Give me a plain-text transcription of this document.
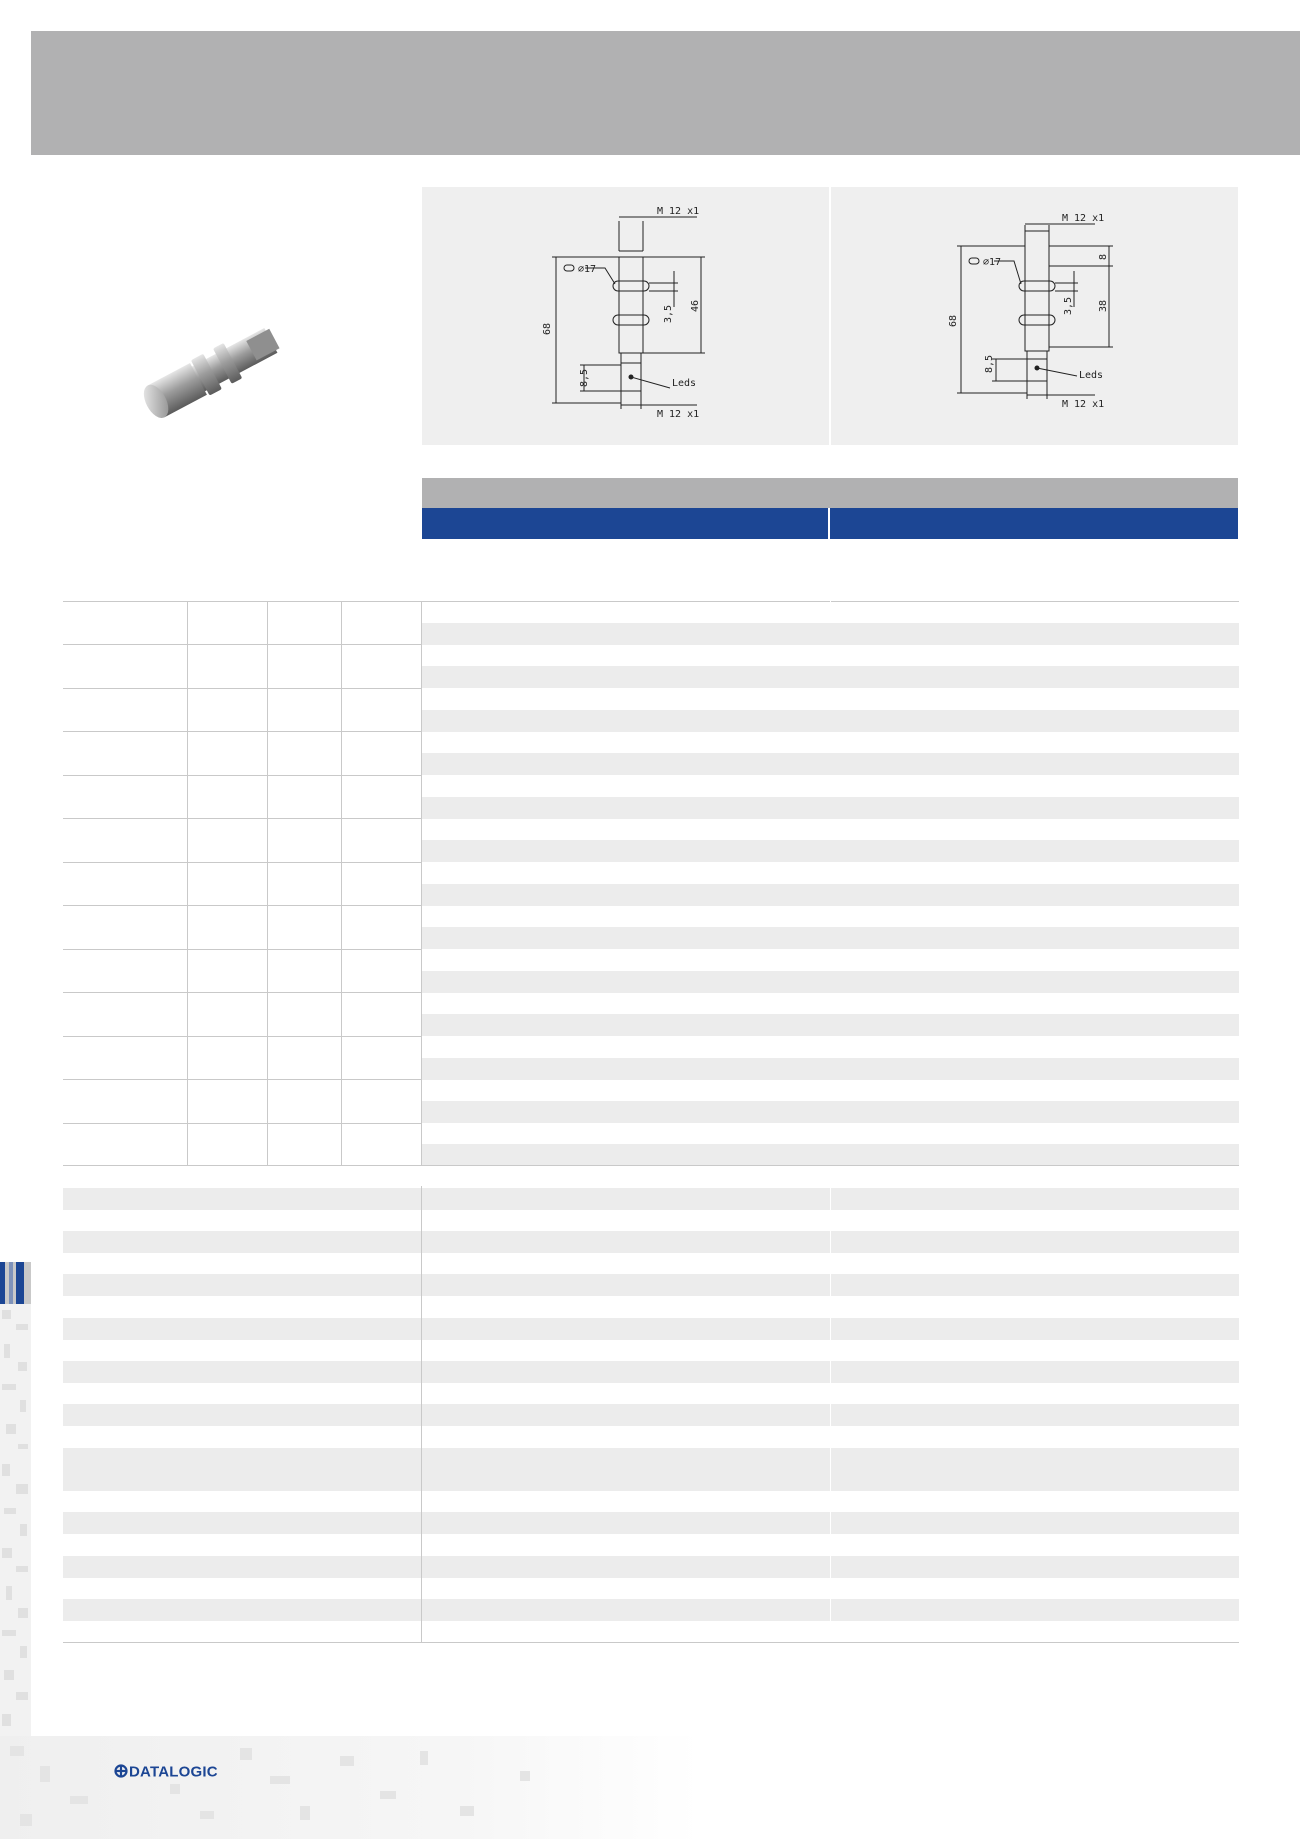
M 12 x1
M 12 x1
⌀17
68
46
3,5
8,5	Leds
M 12 x1
M 12 x1
⌀17
68
8
38
3,5
8,5
Leds
DATALOGIC
